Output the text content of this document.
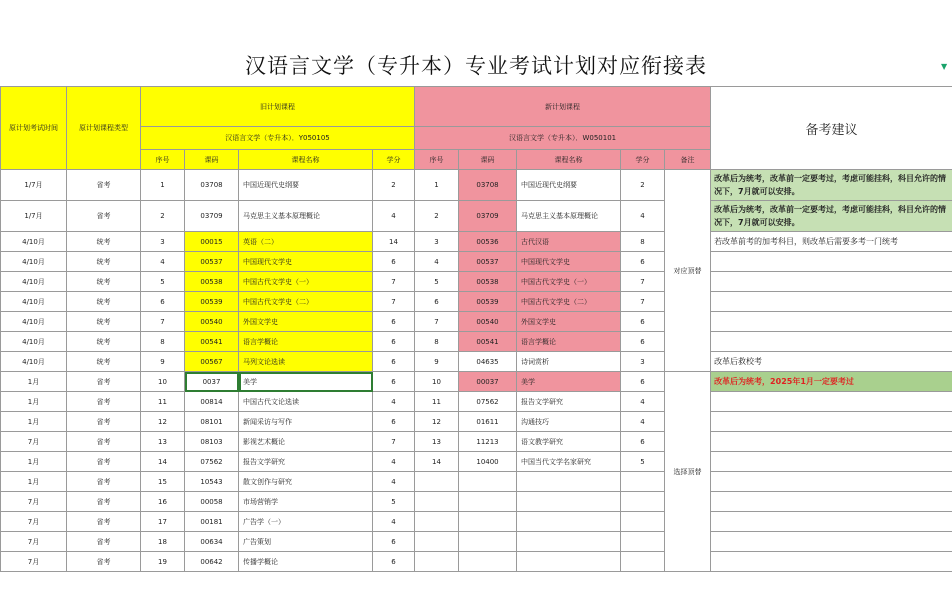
汉语言文学（专升本）专业考试计划对应衔接表	▼
原计划考试时间	原计划课程类型	旧计划课程				新计划课程					备考建议
		汉语言文学（专升本）．Y050105				汉语言文学（专升本）．W050101					
		序号	课码	课程名称	学分	序号	课码	课程名称	学分	备注	
1/7月	省考	1	03708	中国近现代史纲要	2	1	03708	中国近现代史纲要	2	对应顶替	改革后为统考，改革前一定要考过，考虑可能挂科，科目允许的情况下，7月就可以安排。
1/7月	省考	2	03709	马克思主义基本原理概论	4	2	03709	马克思主义基本原理概论	4		改革后为统考，改革前一定要考过，考虑可能挂科，科目允许的情况下，7月就可以安排。
4/10月	统考	3	00015	英语（二）	14	3	00536	古代汉语	8		若改革前考的加考科目，则改革后需要多考一门统考
4/10月	统考	4	00537	中国现代文学史	6	4	00537	中国现代文学史	6		
4/10月	统考	5	00538	中国古代文学史（一）	7	5	00538	中国古代文学史（一）	7		
4/10月	统考	6	00539	中国古代文学史（二）	7	6	00539	中国古代文学史（二）	7		
4/10月	统考	7	00540	外国文学史	6	7	00540	外国文学史	6		
4/10月	统考	8	00541	语言学概论	6	8	00541	语言学概论	6		
4/10月	统考	9	00567	马列文论选读	6	9	04635	诗词赏析	3		改革后救校考
1月	省考	10	0037	美学	6	10	00037	美学	6	选择顶替	改革后为统考，2025年1月一定要考过
1月	省考	11	00814	中国古代文论选读	4	11	07562	报告文学研究	4		
1月	省考	12	08101	新闻采访与写作	6	12	01611	沟通技巧	4		
7月	省考	13	08103	影视艺术概论	7	13	11213	语文教学研究	6		
1月	省考	14	07562	报告文学研究	4	14	10400	中国当代文学名家研究	5		
1月	省考	15	10543	散文创作与研究	4						
7月	省考	16	00058	市场营销学	5						
7月	省考	17	00181	广告学（一）	4						
7月	省考	18	00634	广告策划	6						
7月	省考	19	00642	传播学概论	6						
